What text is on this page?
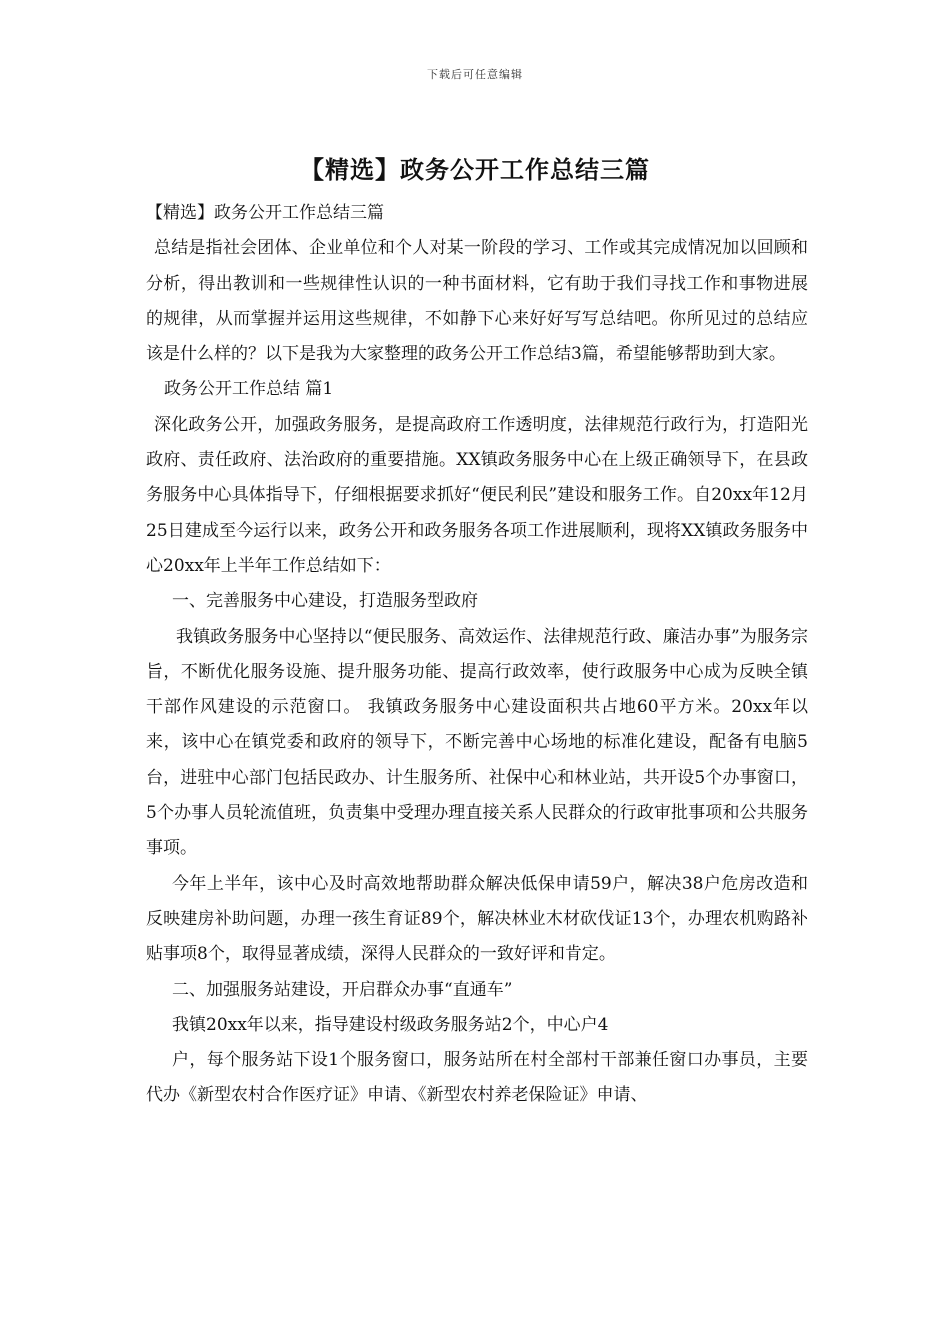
下载后可任意编辑
【精选】政务公开工作总结三篇

【精选】政务公开工作总结三篇

总结是指社会团体、企业单位和个人对某一阶段的学习、工作或其完成情况加以回顾和分析，得出教训和一些规律性认识的一种书面材料，它有助于我们寻找工作和事物进展的规律，从而掌握并运用这些规律，不如静下心来好好写写总结吧。你所见过的总结应该是什么样的？以下是我为大家整理的政务公开工作总结3篇，希望能够帮助到大家。

政务公开工作总结 篇1

深化政务公开，加强政务服务，是提高政府工作透明度，法律规范行政行为，打造阳光政府、责任政府、法治政府的重要措施。XX镇政务服务中心在上级正确领导下，在县政务服务中心具体指导下，仔细根据要求抓好“便民利民”建设和服务工作。自20xx年12月25日建成至今运行以来，政务公开和政务服务各项工作进展顺利，现将XX镇政务服务中心20xx年上半年工作总结如下：

一、完善服务中心建设，打造服务型政府

我镇政务服务中心坚持以“便民服务、高效运作、法律规范行政、廉洁办事”为服务宗旨，不断优化服务设施、提升服务功能、提高行政效率，使行政服务中心成为反映全镇干部作风建设的示范窗口。 我镇政务服务中心建设面积共占地60平方米。20xx年以来，该中心在镇党委和政府的领导下，不断完善中心场地的标准化建设，配备有电脑5台，进驻中心部门包括民政办、计生服务所、社保中心和林业站，共开设5个办事窗口，5个办事人员轮流值班，负责集中受理办理直接关系人民群众的行政审批事项和公共服务事项。

今年上半年，该中心及时高效地帮助群众解决低保申请59户，解决38户危房改造和反映建房补助问题，办理一孩生育证89个，解决林业木材砍伐证13个，办理农机购路补贴事项8个，取得显著成绩，深得人民群众的一致好评和肯定。

二、加强服务站建设，开启群众办事“直通车”

我镇20xx年以来，指导建设村级政务服务站2个，中心户4

户，每个服务站下设1个服务窗口，服务站所在村全部村干部兼任窗口办事员，主要代办《新型农村合作医疗证》申请、《新型农村养老保险证》申请、
